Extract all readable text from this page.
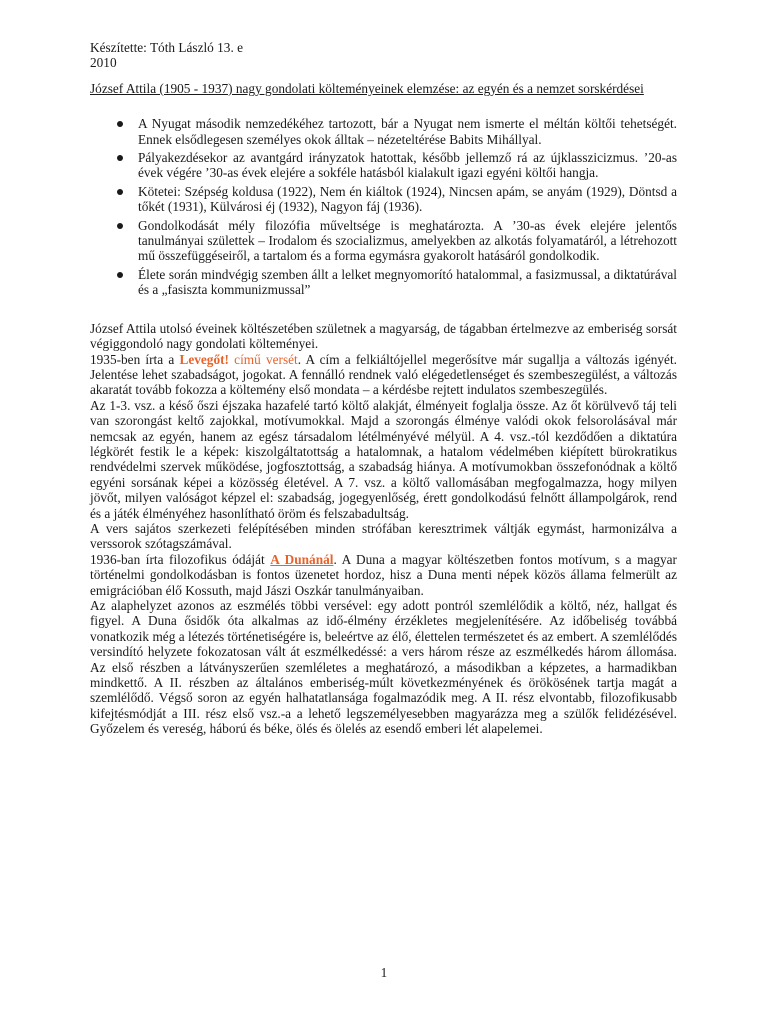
Készítette: Tóth László 13. e

2010

József Attila (1905 - 1937) nagy gondolati költeményeinek elemzése: az egyén és a nemzet sorskérdései

A Nyugat második nemzedékéhez tartozott, bár a Nyugat nem ismerte el méltán költői tehetségét. Ennek elsődlegesen személyes okok álltak – nézeteltérése Babits Mihállyal.
Pályakezdésekor az avantgárd irányzatok hatottak, később jellemző rá az újklasszicizmus. ’20-as évek végére ’30-as évek elejére a sokféle hatásból kialakult igazi egyéni költői hangja.
Kötetei: Szépség koldusa (1922), Nem én kiáltok (1924), Nincsen apám, se anyám (1929), Döntsd a tőkét (1931), Külvárosi éj (1932), Nagyon fáj (1936).
Gondolkodását mély filozófia műveltsége is meghatározta. A ’30-as évek elejére jelentős tanulmányai születtek – Irodalom és szocializmus, amelyekben az alkotás folyamatáról, a létrehozott mű összefüggéseiről, a tartalom és a forma egymásra gyakorolt hatásáról gondolkodik.
Élete során mindvégig szemben állt a lelket megnyomorító hatalommal, a fasizmussal, a diktatúrával és a „fasiszta kommunizmussal”

József Attila utolsó éveinek költészetében születnek a magyarság, de tágabban értelmezve az emberiség sorsát végiggondoló nagy gondolati költeményei.

1935-ben írta a Levegőt! című versét. A cím a felkiáltójellel megerősítve már sugallja a változás igényét. Jelentése lehet szabadságot, jogokat. A fennálló rendnek való elégedetlenséget és szembeszegülést, a változás akaratát tovább fokozza a költemény első mondata – a kérdésbe rejtett indulatos szembeszegülés.

Az 1-3. vsz. a késő őszi éjszaka hazafelé tartó költő alakját, élményeit foglalja össze. Az őt körülvevő táj teli van szorongást keltő zajokkal, motívumokkal. Majd a szorongás élménye valódi okok felsorolásával már nemcsak az egyén, hanem az egész társadalom létélményévé mélyül. A 4. vsz.-tól kezdődően a diktatúra légkörét festik le a képek: kiszolgáltatottság a hatalomnak, a hatalom védelmében kiépített bürokratikus rendvédelmi szervek működése, jogfosztottság, a szabadság hiánya. A motívumokban összefonódnak a költő egyéni sorsának képei a közösség életével. A 7. vsz. a költő vallomásában megfogalmazza, hogy milyen jövőt, milyen valóságot képzel el: szabadság, jogegyenlőség, érett gondolkodású felnőtt állampolgárok, rend és a játék élményéhez hasonlítható öröm és felszabadultság.

A vers sajátos szerkezeti felépítésében minden strófában keresztrimek váltják egymást, harmonizálva a verssorok szótagszámával.

1936-ban írta filozofikus ódáját A Dunánál. A Duna a magyar költészetben fontos motívum, s a magyar történelmi gondolkodásban is fontos üzenetet hordoz, hisz a Duna menti népek közös állama felmerült az emigrációban élő Kossuth, majd Jászi Oszkár tanulmányaiban.

Az alaphelyzet azonos az eszmélés többi versével: egy adott pontról szemlélődik a költő, néz, hallgat és figyel. A Duna ősidők óta alkalmas az idő-élmény érzékletes megjelenítésére. Az időbeliség továbbá vonatkozik még a létezés történetiségére is, beleértve az élő, élettelen természetet és az embert. A szemlélődés versindító helyzete fokozatosan vált át eszmélkedéssé: a vers három része az eszmélkedés három állomása. Az első részben a látványszerűen szemléletes a meghatározó, a másodikban a képzetes, a harmadikban mindkettő. A II. részben az általános emberiség-múlt következményének és örökösének tartja magát a szemlélődő. Végső soron az egyén halhatatlansága fogalmazódik meg. A II. rész elvontabb, filozofikusabb kifejtésmódját a III. rész első vsz.-a a lehető legszemélyesebben magyarázza meg a szülők felidézésével. Győzelem és vereség, háború és béke, ölés és ölelés az esendő emberi lét alapelemei.

1
